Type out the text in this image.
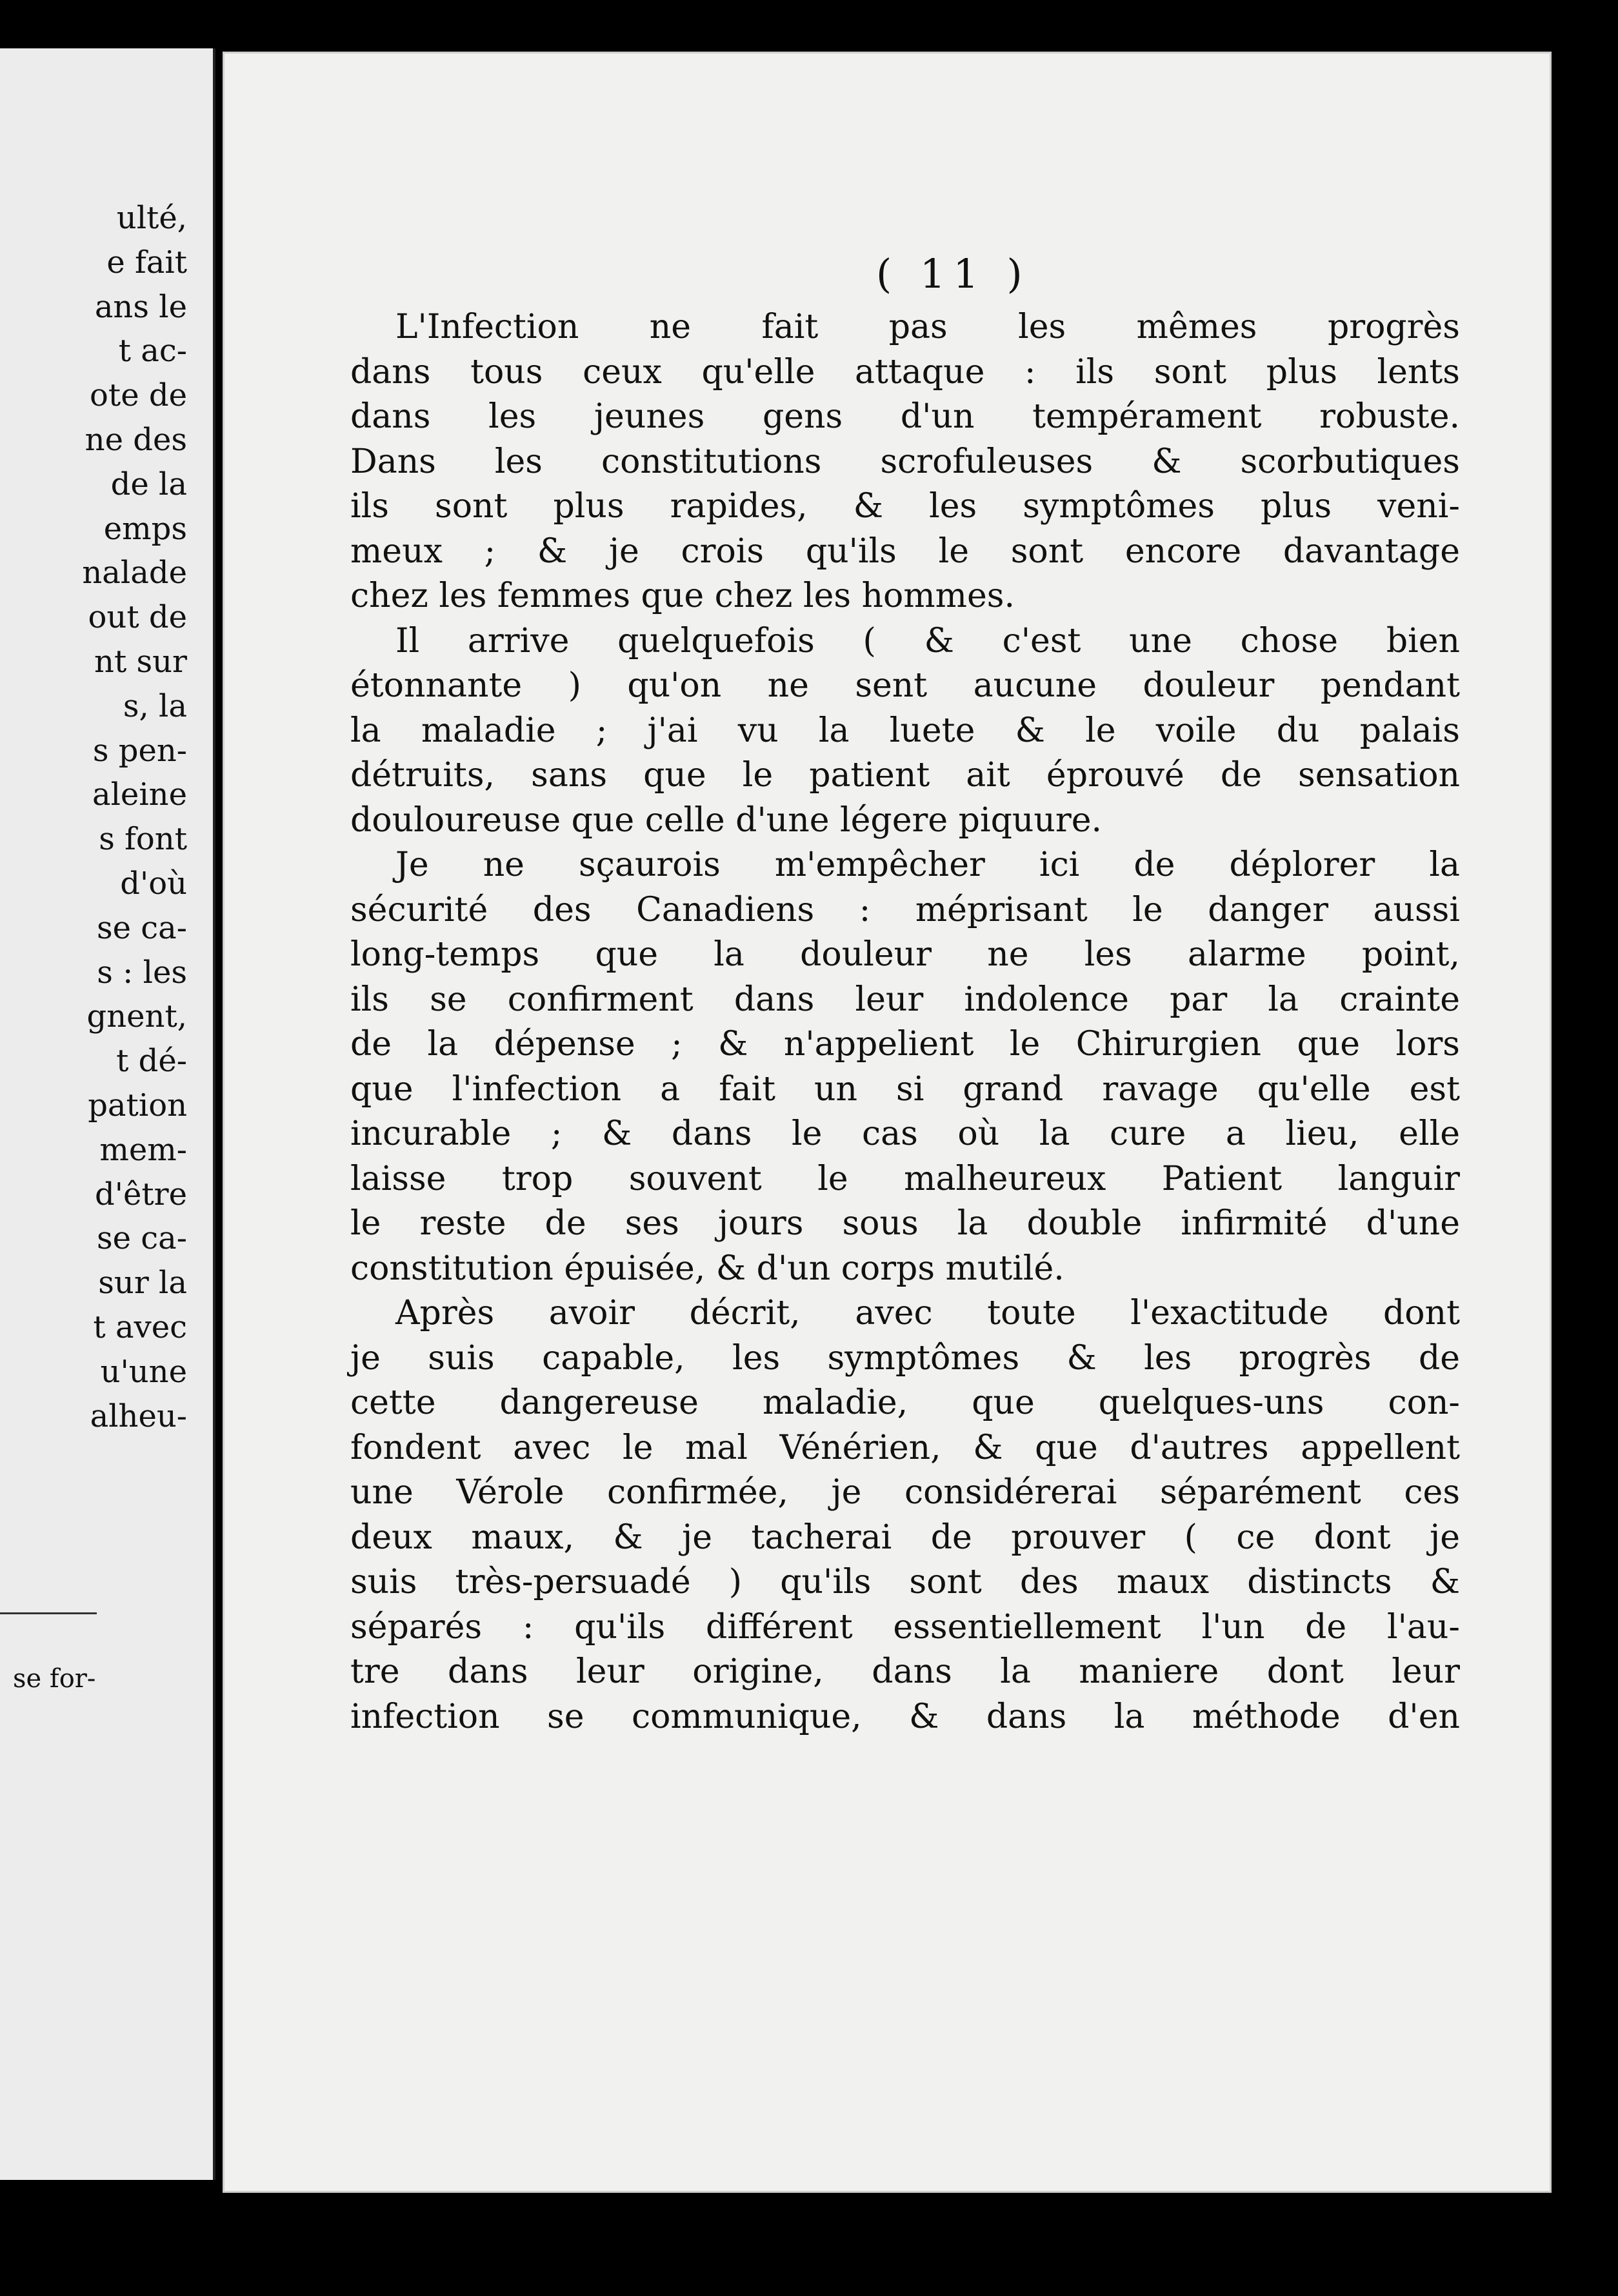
ulté,
e fait
ans le
t ac-
ote de
ne des
de la
emps
nalade
out de
nt sur
s, la
s pen-
aleine
s font
d'où
se ca-
s : les
gnent,
t dé-
pation
mem-
d'être
se ca-
sur la
t avec
u'une
alheu-
se for-
( 11 )
L'Infection ne fait pas les mêmes progrès
dans tous ceux qu'elle attaque : ils sont plus lents
dans les jeunes gens d'un tempérament robuste.
Dans les constitutions scrofuleuses & scorbutiques
ils sont plus rapides, & les symptômes plus veni-
meux ; & je crois qu'ils le sont encore davantage
chez les femmes que chez les hommes.
Il arrive quelquefois ( & c'est une chose bien
étonnante ) qu'on ne sent aucune douleur pendant
la maladie ; j'ai vu la luete & le voile du palais
détruits, sans que le patient ait éprouvé de sensation
douloureuse que celle d'une légere piquure.
Je ne sçaurois m'empêcher ici de déplorer la
sécurité des Canadiens : méprisant le danger aussi
long-temps que la douleur ne les alarme point,
ils se confirment dans leur indolence par la crainte
de la dépense ; & n'appelient le Chirurgien que lors
que l'infection a fait un si grand ravage qu'elle est
incurable ; & dans le cas où la cure a lieu, elle
laisse trop souvent le malheureux Patient languir
le reste de ses jours sous la double infirmité d'une
constitution épuisée, & d'un corps mutilé.
Après avoir décrit, avec toute l'exactitude dont
je suis capable, les symptômes & les progrès de
cette dangereuse maladie, que quelques-uns con-
fondent avec le mal Vénérien, & que d'autres appellent
une Vérole confirmée, je considérerai séparément ces
deux maux, & je tacherai de prouver ( ce dont je
suis très-persuadé ) qu'ils sont des maux distincts &
séparés : qu'ils différent essentiellement l'un de l'au-
tre dans leur origine, dans la maniere dont leur
infection se communique, & dans la méthode d'en
